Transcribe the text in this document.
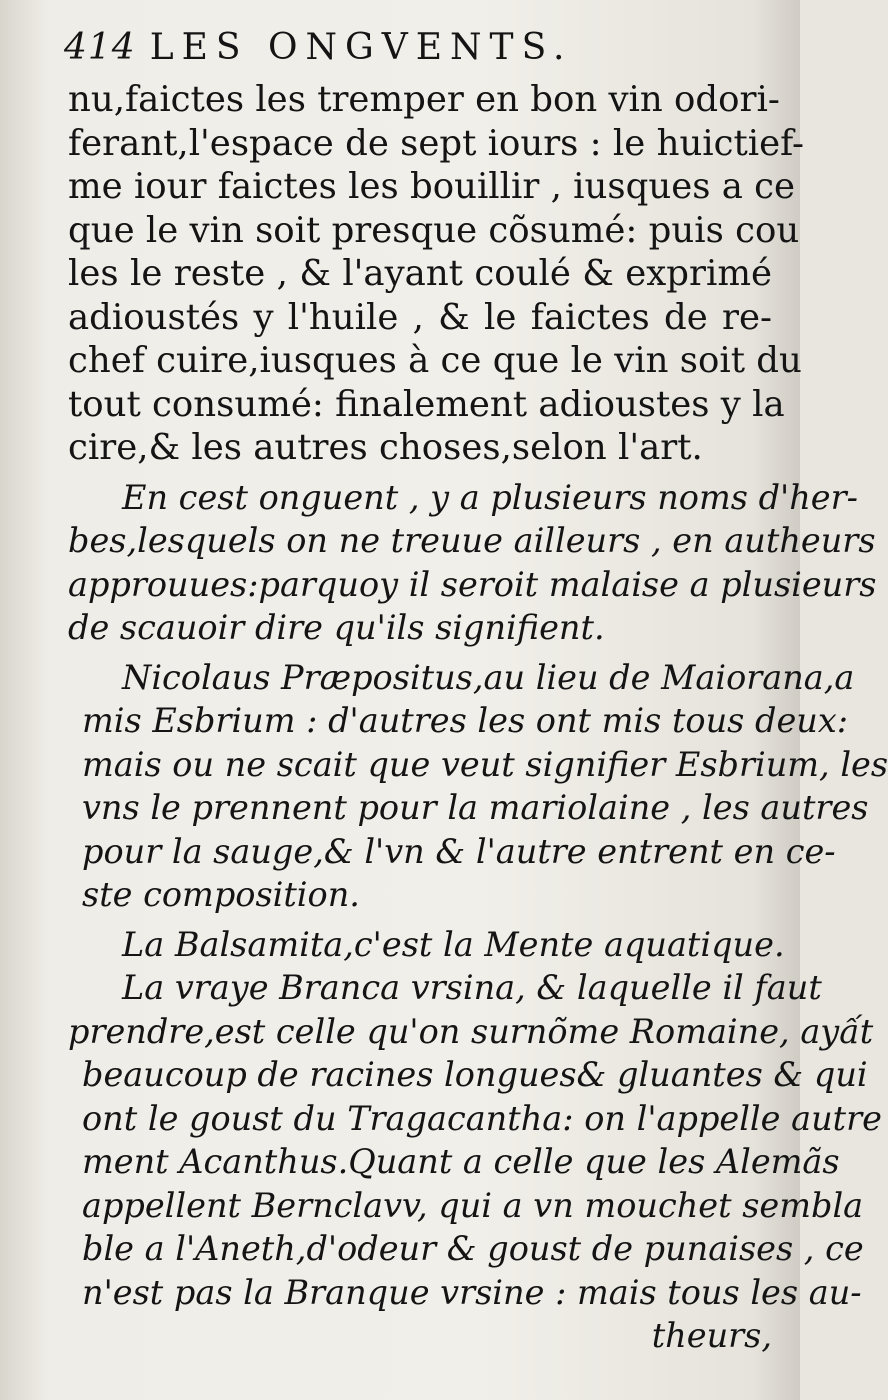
414 LES ONGVENTS.
nu,faictes les tremper en bon vin odori-
ferant,l'espace de sept iours : le huictief-
me iour faictes les bouillir , iusques a ce
que le vin soit presque cõsumé: puis cou
les le reste , & l'ayant coulé & exprimé
adioustés y l'huile , & le faictes de re-
chef cuire,iusques à ce que le vin soit du
tout consumé: finalement adioustes y la
cire,& les autres choses,selon l'art.
En cest onguent , y a plusieurs noms d'her-
bes,lesquels on ne treuue ailleurs , en autheurs
approuues:parquoy il seroit malaise a plusieurs
de scauoir dire qu'ils signifient.
Nicolaus Præpositus,au lieu de Maiorana,a
mis Esbrium : d'autres les ont mis tous deux:
mais ou ne scait que veut signifier Esbrium, les
vns le prennent pour la mariolaine , les autres
pour la sauge,& l'vn & l'autre entrent en ce-
ste composition.
La Balsamita,c'est la Mente aquatique.
La vraye Branca vrsina, & laquelle il faut
prendre,est celle qu'on surnõme Romaine, ayất
beaucoup de racines longues& gluantes & qui
ont le goust du Tragacantha: on l'appelle autre
ment Acanthus.Quant a celle que les Alemãs
appellent Bernclavv, qui a vn mouchet sembla
ble a l'Aneth,d'odeur & goust de punaises , ce
n'est pas la Branque vrsine : mais tous les au-
theurs,
